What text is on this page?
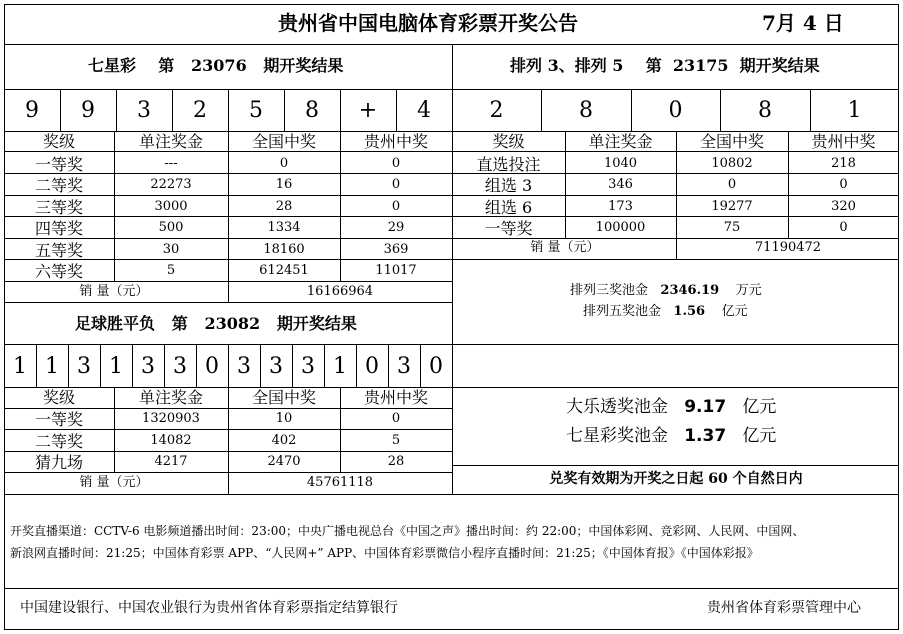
贵州省中国电脑体育彩票开奖公告	7月 4 日
七星彩 第 23076 期开奖结果	排列 3、排列 5 第 23175 期开奖结果
足球胜平负 第 23082 期开奖结果
9 9 3 2 5 8 + 4	2	8	0	8	1
1 1 3 1 3 3 0 3 3 3 1 0 3 0
奖级	单注奖金	全国中奖	贵州中奖
一等奖	---	0	0
二等奖	22273	16	0
三等奖	3000	28	0
四等奖	500	1334	29
五等奖	30	18160	369
六等奖	5	612451	11017
奖级	单注奖金	全国中奖	贵州中奖
直选投注	1040	10802	218
组选 3	346	0	0
组选 6	173	19277	320
一等奖	100000	75	0
奖级	单注奖金	全国中奖	贵州中奖
一等奖	1320903	10	0
二等奖	14082	402	5
猜九场	4217	2470	28
销 量（元）	16166964
销 量（元）	71190472
销 量（元）	45761118
排列三奖池金 2346.19 万元
排列五奖池金 1.56 亿元
大乐透奖池金 9.17 亿元
七星彩奖池金 1.37 亿元
兑奖有效期为开奖之日起 60 个自然日内
开奖直播渠道：CCTV-6 电影频道播出时间：23:00；中央广播电视总台《中国之声》播出时间：约 22:00；中国体彩网、竞彩网、人民网、中国网、
新浪网直播时间：21:25；中国体育彩票 APP、“人民网+” APP、中国体育彩票微信小程序直播时间：21:25；《中国体育报》《中国体彩报》
中国建设银行、中国农业银行为贵州省体育彩票指定结算银行	贵州省体育彩票管理中心
